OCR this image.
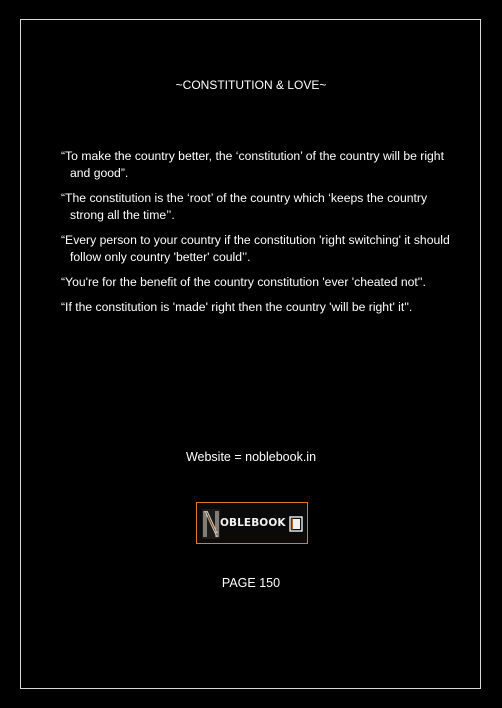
~CONSTITUTION & LOVE~
“To make the country better, the ‘constitution’ of the country will be right and good”.
“The constitution is the ‘root’ of the country which ‘keeps the country strong all the time’’.
“Every person to your country if the constitution 'right switching' it should follow only country 'better' could’’.
“You're for the benefit of the country constitution 'ever 'cheated not''.
“If the constitution is 'made' right then the country 'will be right' it''.
Website = noblebook.in
OBLEBOOK
PAGE 150
